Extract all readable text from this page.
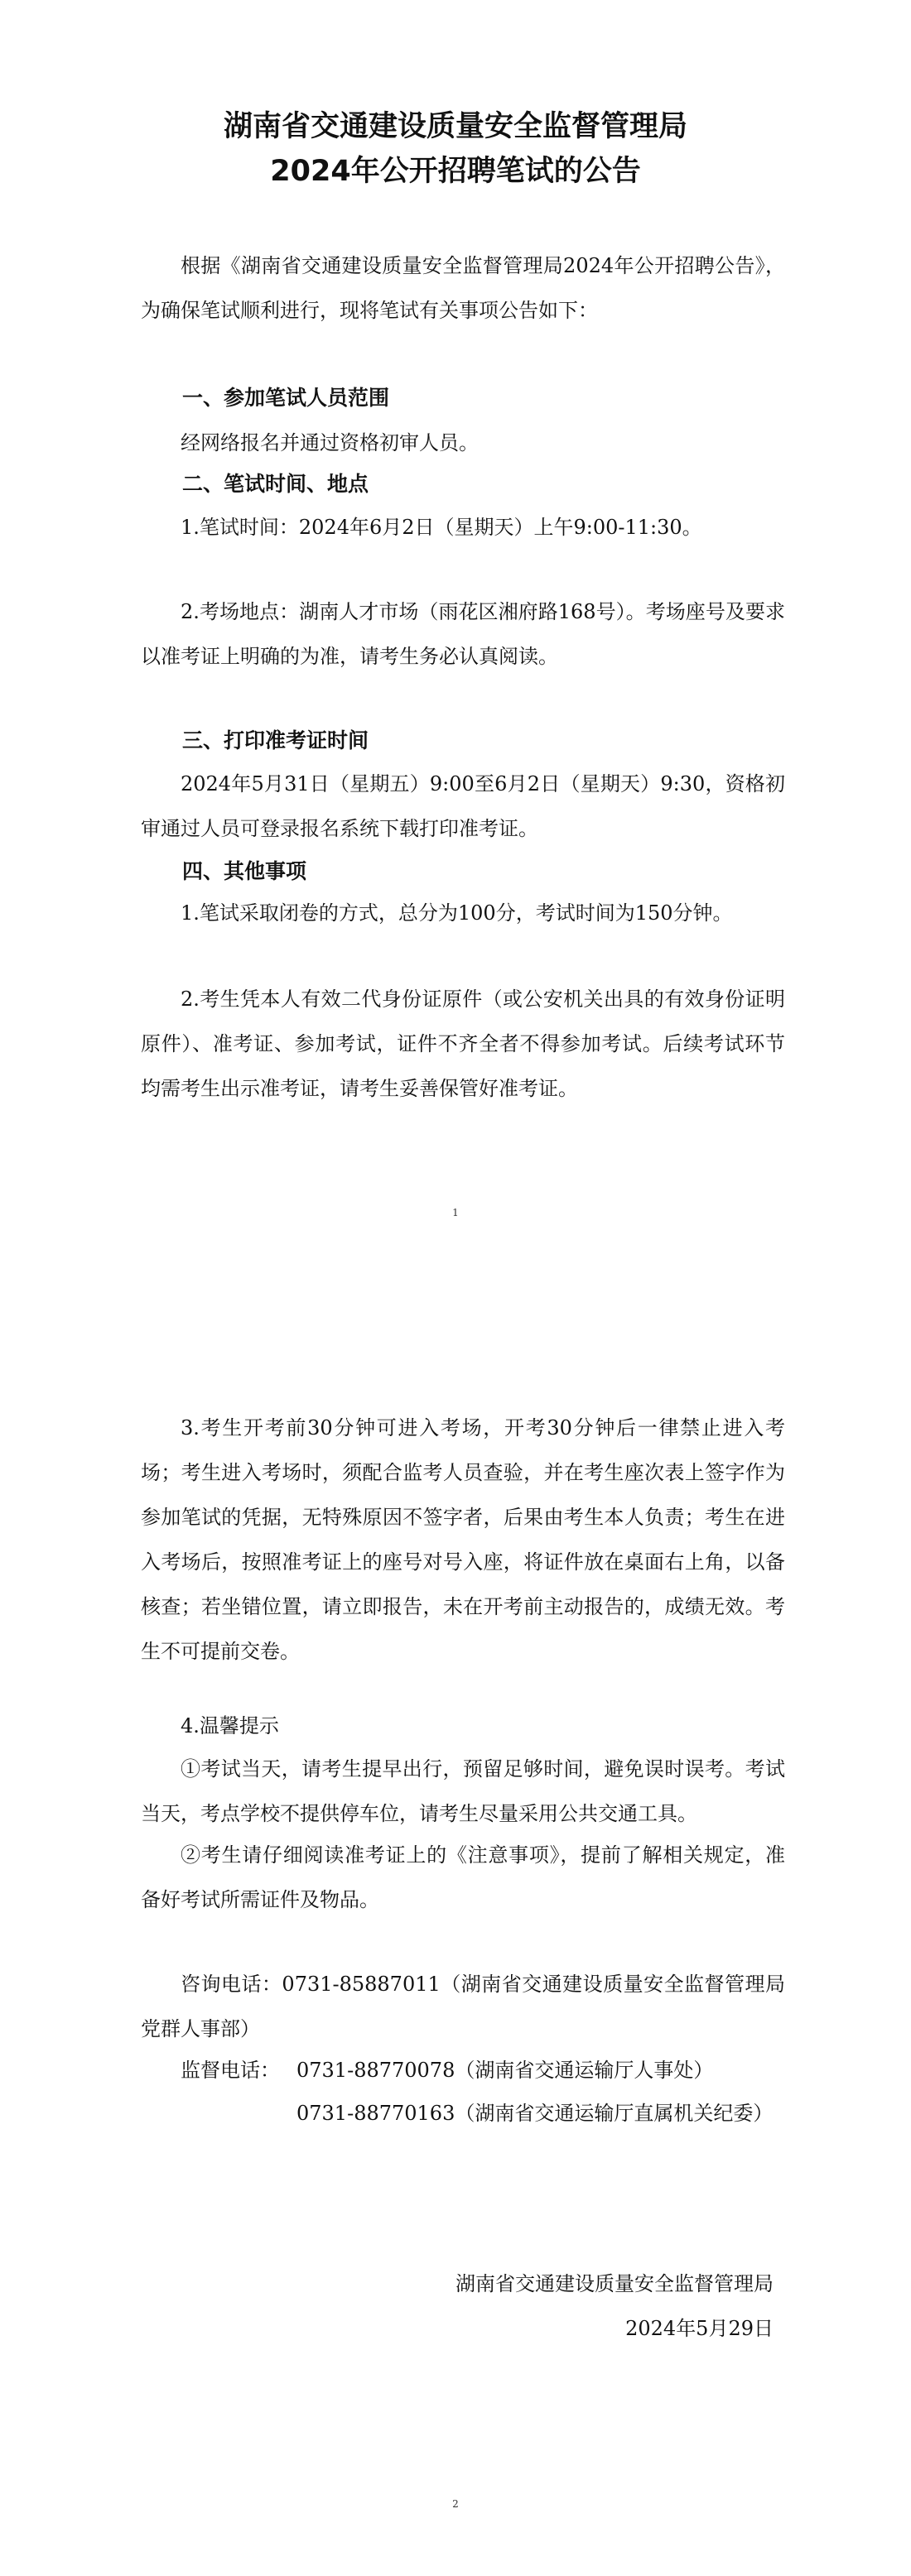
湖南省交通建设质量安全监督管理局
2024年公开招聘笔试的公告

根据《湖南省交通建设质量安全监督管理局2024年公开招聘公告》，为确保笔试顺利进行，现将笔试有关事项公告如下：

一、参加笔试人员范围

经网络报名并通过资格初审人员。

二、笔试时间、地点

1.笔试时间：2024年6月2日（星期天）上午9:00-11:30。

2.考场地点：湖南人才市场（雨花区湘府路168号）。考场座号及要求以准考证上明确的为准，请考生务必认真阅读。

三、打印准考证时间

2024年5月31日（星期五）9:00至6月2日（星期天）9:30，资格初审通过人员可登录报名系统下载打印准考证。

四、其他事项

1.笔试采取闭卷的方式，总分为100分，考试时间为150分钟。

2.考生凭本人有效二代身份证原件（或公安机关出具的有效身份证明原件）、准考证、参加考试，证件不齐全者不得参加考试。后续考试环节均需考生出示准考证，请考生妥善保管好准考证。

1

3.考生开考前30分钟可进入考场，开考30分钟后一律禁止进入考场；考生进入考场时，须配合监考人员查验，并在考生座次表上签字作为参加笔试的凭据，无特殊原因不签字者，后果由考生本人负责；考生在进入考场后，按照准考证上的座号对号入座，将证件放在桌面右上角，以备核查；若坐错位置，请立即报告，未在开考前主动报告的，成绩无效。考生不可提前交卷。

4.温馨提示

①考试当天，请考生提早出行，预留足够时间，避免误时误考。考试当天，考点学校不提供停车位，请考生尽量采用公共交通工具。

②考生请仔细阅读准考证上的《注意事项》，提前了解相关规定，准备好考试所需证件及物品。

咨询电话：0731-85887011（湖南省交通建设质量安全监督管理局党群人事部）

监督电话： 0731-88770078（湖南省交通运输厅人事处）

0731-88770163（湖南省交通运输厅直属机关纪委）

湖南省交通建设质量安全监督管理局

2024年5月29日

2
